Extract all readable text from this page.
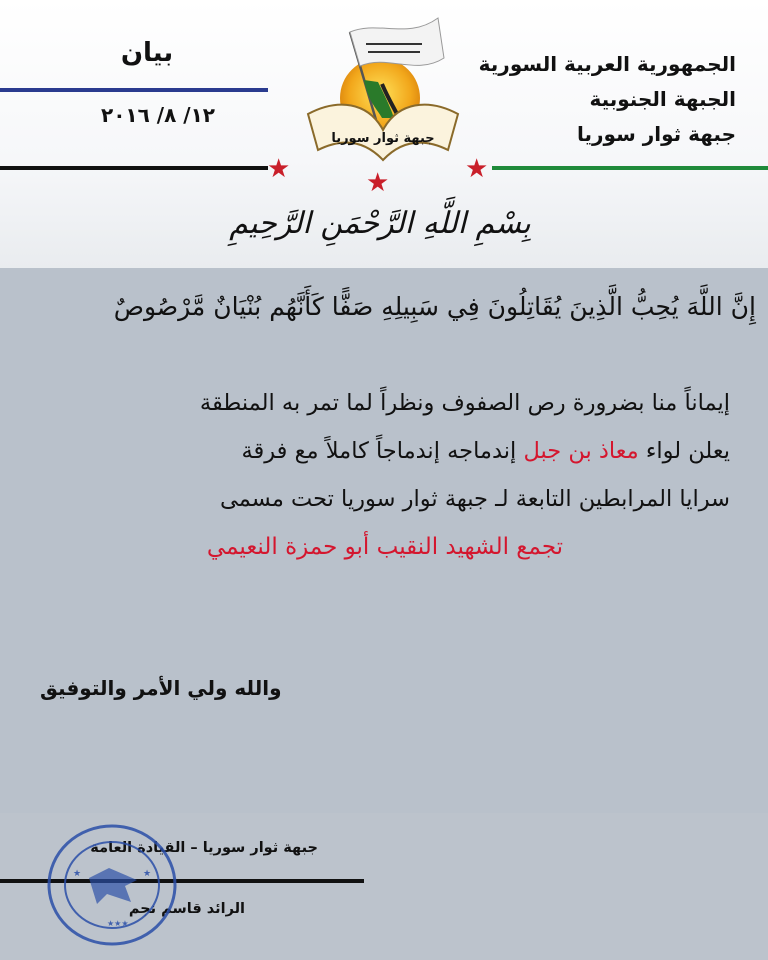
الجمهورية العربية السورية
الجبهة الجنوبية
جبهة ثوار سوريا
بيان
١٢/ ٨/ ٢٠١٦
★	★	★
جبهة ثوار سوريا
بِسْمِ اللَّهِ الرَّحْمَنِ الرَّحِيمِ
إِنَّ اللَّهَ يُحِبُّ الَّذِينَ يُقَاتِلُونَ فِي سَبِيلِهِ صَفًّا كَأَنَّهُم بُنْيَانٌ مَّرْصُوصٌ
إيماناً منا بضرورة رص الصفوف ونظراً لما تمر به المنطقة
يعلن لواء معاذ بن جبل إندماجه إندماجاً كاملاً مع فرقة
سرايا المرابطين التابعة لـ جبهة ثوار سوريا تحت مسمى
تجمع الشهيد النقيب أبو حمزة النعيمي
والله ولي الأمر والتوفيق
جبهة ثوار سوريا – القيادة العامة
الرائد قاسم نجم
★	★
★★★
